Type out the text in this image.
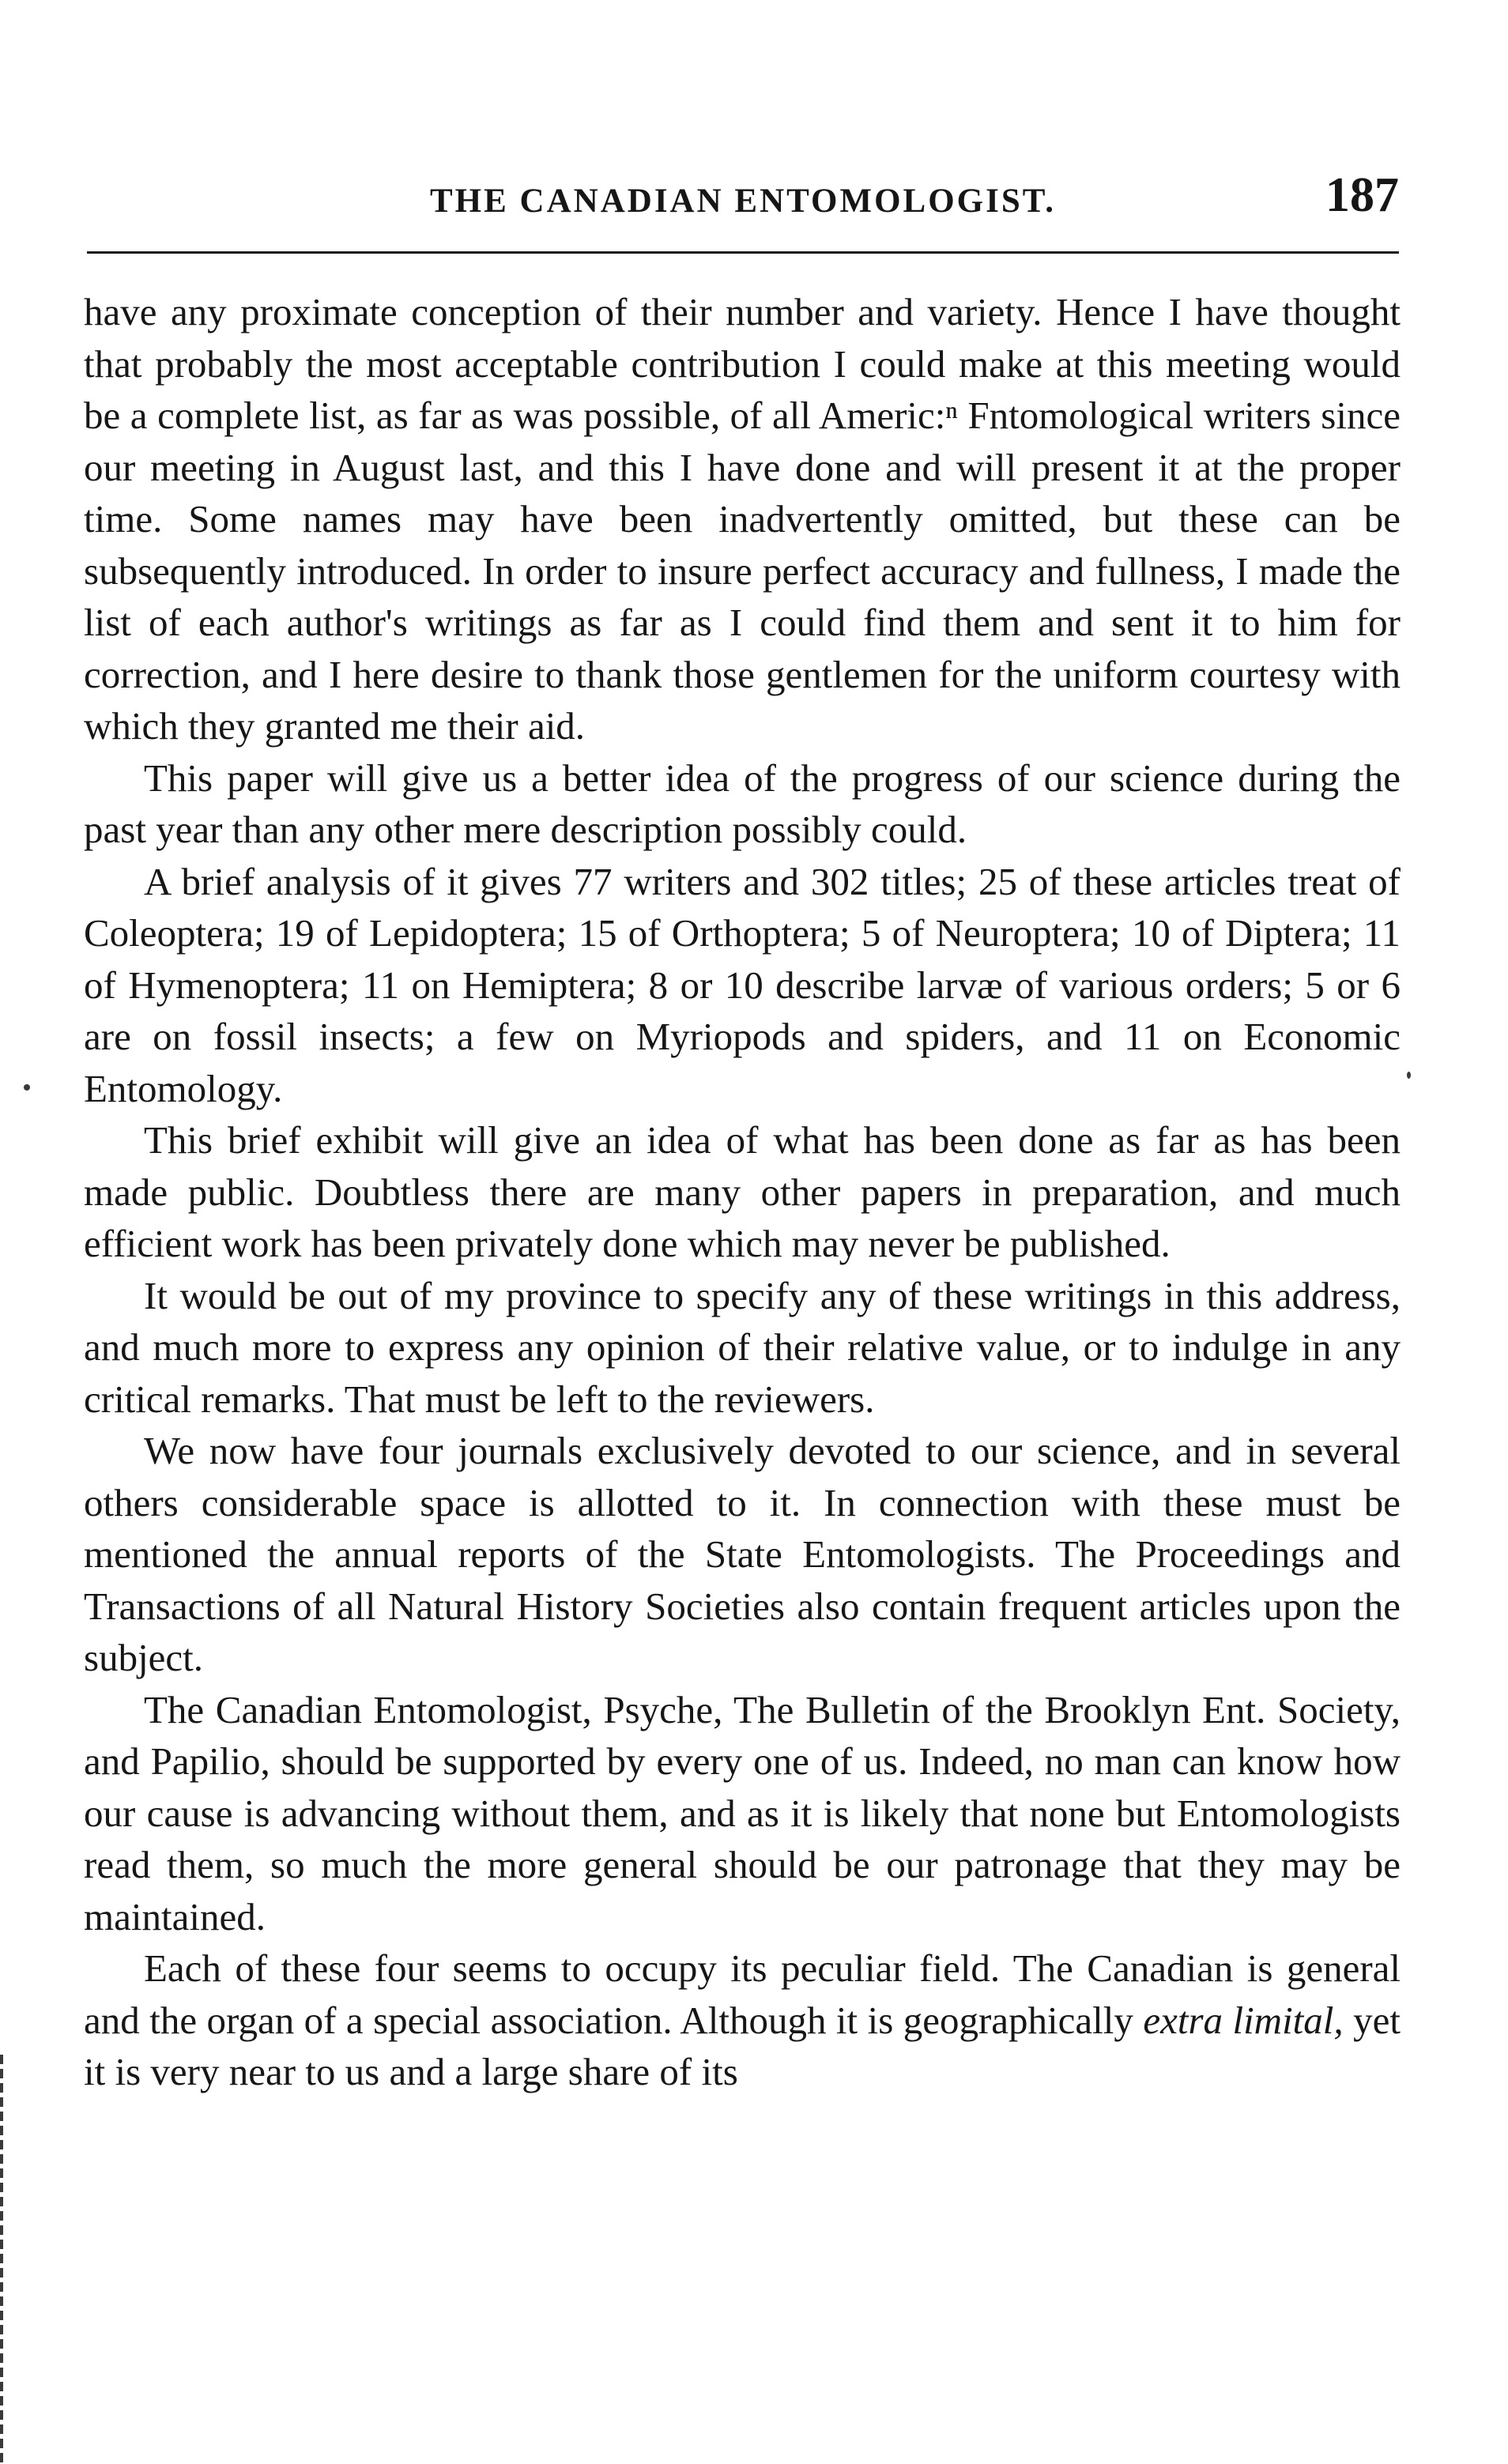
THE CANADIAN ENTOMOLOGIST.	187

have any proximate conception of their number and variety. Hence I have thought that probably the most acceptable contribution I could make at this meeting would be a complete list, as far as was possible, of all Americ:ⁿ Fntomological writers since our meeting in August last, and this I have done and will present it at the proper time. Some names may have been inadvertently omitted, but these can be subsequently introduced. In order to insure perfect accuracy and fullness, I made the list of each author's writings as far as I could find them and sent it to him for correction, and I here desire to thank those gentlemen for the uniform courtesy with which they granted me their aid.

This paper will give us a better idea of the progress of our science during the past year than any other mere description possibly could.

A brief analysis of it gives 77 writers and 302 titles; 25 of these articles treat of Coleoptera; 19 of Lepidoptera; 15 of Orthoptera; 5 of Neuroptera; 10 of Diptera; 11 of Hymenoptera; 11 on Hemiptera; 8 or 10 describe larvæ of various orders; 5 or 6 are on fossil insects; a few on Myriopods and spiders, and 11 on Economic Entomology.

This brief exhibit will give an idea of what has been done as far as has been made public. Doubtless there are many other papers in preparation, and much efficient work has been privately done which may never be published.

It would be out of my province to specify any of these writings in this address, and much more to express any opinion of their relative value, or to indulge in any critical remarks. That must be left to the reviewers.

We now have four journals exclusively devoted to our science, and in several others considerable space is allotted to it. In connection with these must be mentioned the annual reports of the State Entomologists. The Proceedings and Transactions of all Natural History Societies also contain frequent articles upon the subject.

The Canadian Entomologist, Psyche, The Bulletin of the Brooklyn Ent. Society, and Papilio, should be supported by every one of us. Indeed, no man can know how our cause is advancing without them, and as it is likely that none but Entomologists read them, so much the more general should be our patronage that they may be maintained.

Each of these four seems to occupy its peculiar field. The Canadian is general and the organ of a special association. Although it is geographically extra limital, yet it is very near to us and a large share of its
